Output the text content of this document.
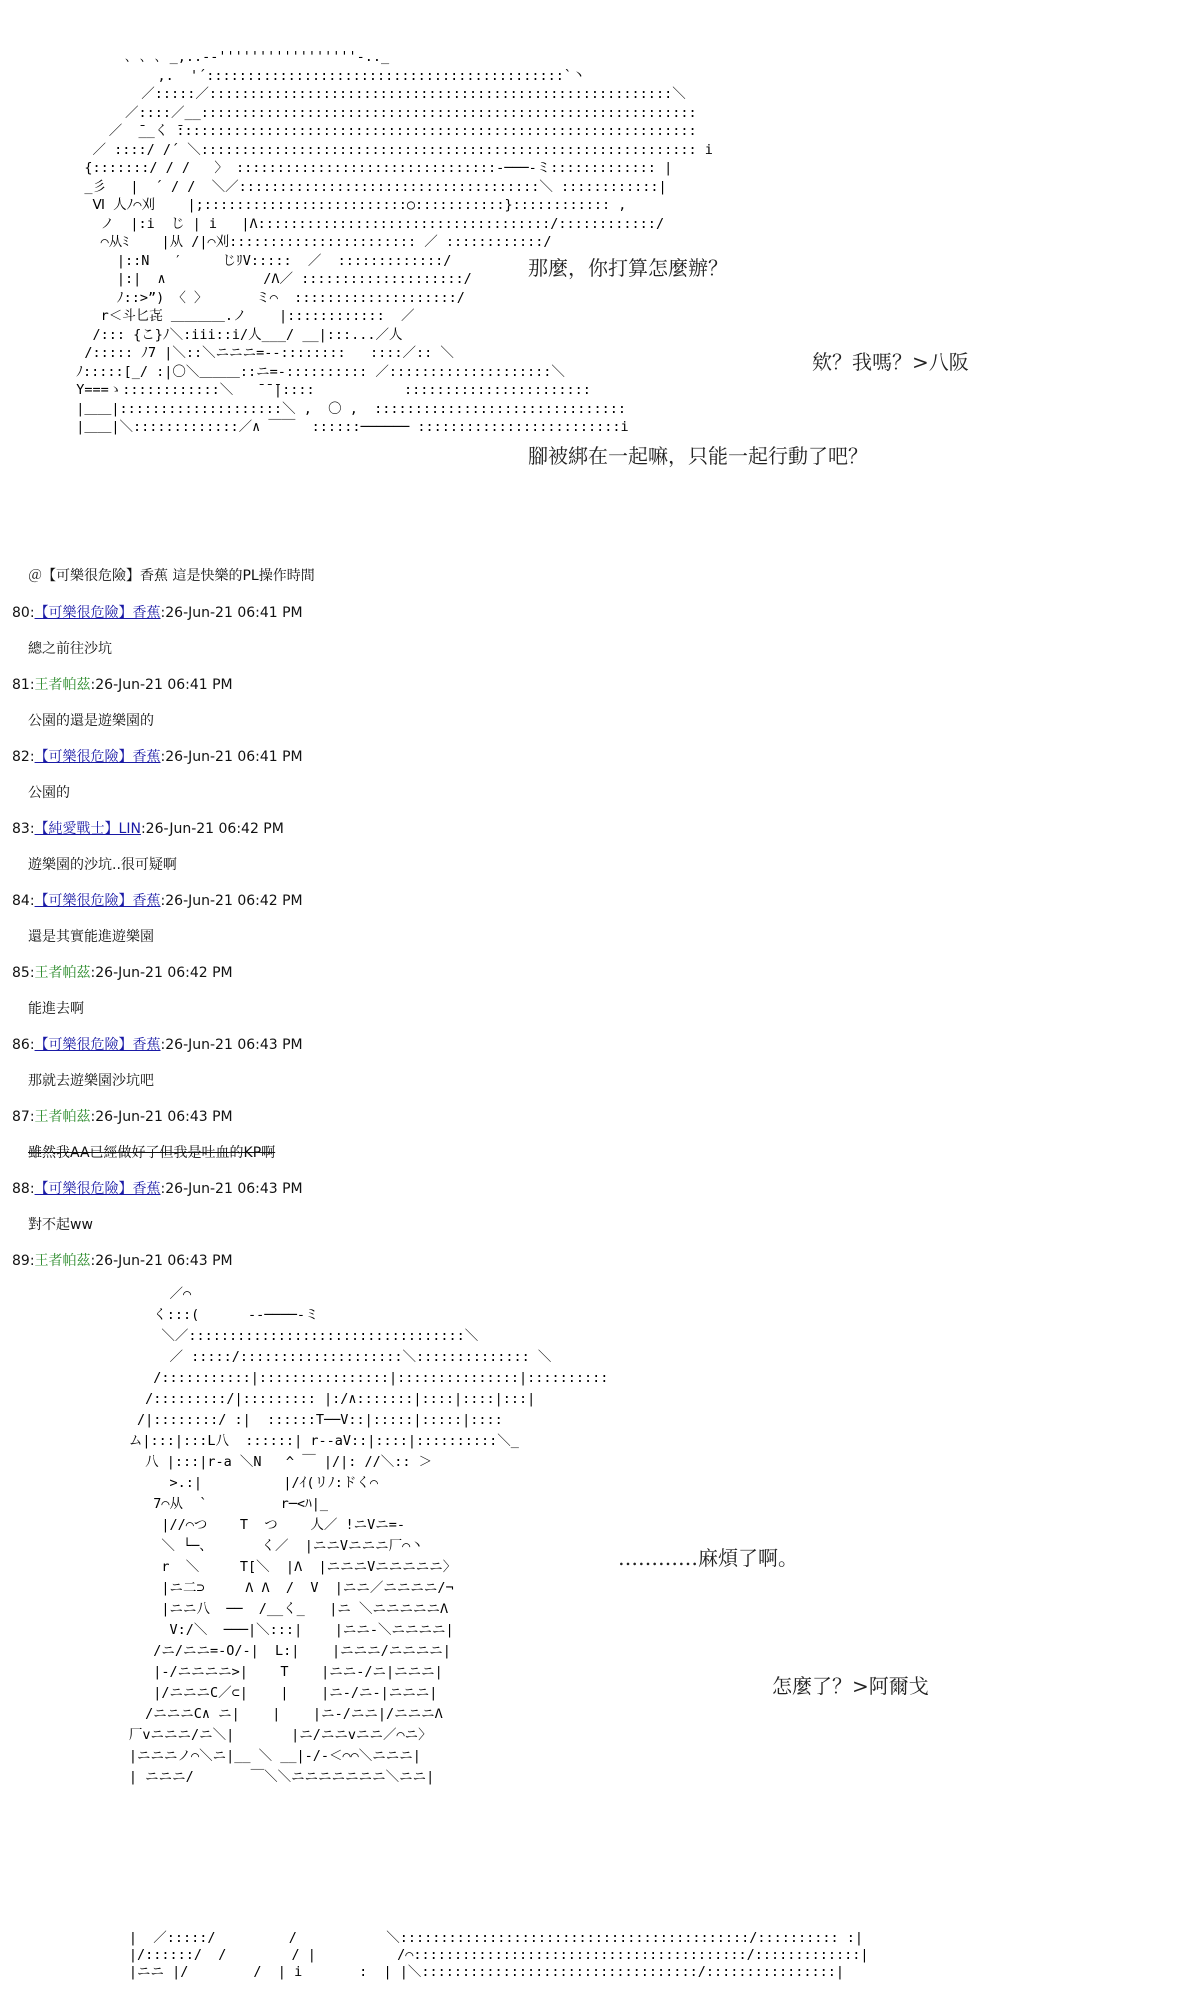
､ ､ ､ _,..-‐'''''''''''''''''-.._
,.  '´::::::::::::::::::::::::::::::::::::::::::::`丶
／:::::／:::::::::::::::::::::::::::::::::::::::::::::::::::::::::＼
／::::／__:::::::::::::::::::::::::::::::::::::::::::::::::::::::::::::
／  ̄__く ̄::::::::::::::::::::::::::::::::::::::::::::::::::::::::::::::::
／ ::::/ /´ ＼::::::::::::::::::::::::::::::::::::::::::::::::::::::::::::: i
{:::::::/ / /   〉 ::::::::::::::::::::::::::::::::‐───‐ミ::::::::::::: |
_彡   |  ´ / /  ＼／:::::::::::::::::::::::::::::::::::::＼ ::::::::::::|
Ⅵ 人ﾉ⌒刈    |;:::::::::::::::::::::::::○:::::::::::}:::::::::::: ,
ノ  |:i  じ | i   |Λ::::::::::::::::::::::::::::::::::::/::::::::::::/
⌒从ﾐ    |从 /|⌒刈::::::::::::::::::::::: ／ ::::::::::::/
|::N   ′     じﾘV:::::  ／  :::::::::::::/
|:|  ∧            /Λ／ ::::::::::::::::::::/
ﾉ::>”) 〈 〉      ミ⌒  ::::::::::::::::::::/
r＜斗匕㐂 ＿＿＿＿.ノ    |::::::::::::  ／
/::: {こ}ﾉ＼:iii::i/人___/ __|:::...／人
/::::: ﾉ7 |＼::＼ニニニ=-‐::::::::   ::::／:: ＼
ﾉ:::::[_/ :|〇＼＿＿＿::ニ=-:::::::::: ／::::::::::::::::::::＼
Y===ゝ::::::::::::＼   ̄ ̄ ̄|::::           :::::::::::::::::::::::
|＿＿|::::::::::::::::::::＼ ,  〇 ,  :::::::::::::::::::::::::::::::
|＿＿|＼:::::::::::::／∧ ￣￣  ::::::────── :::::::::::::::::::::::::i
那麼，你打算怎麼辦？
欸？我嗎？>八阪
腳被綁在一起嘛，只能一起行動了吧？
＠【可樂很危險】香蕉 這是快樂的PL操作時間
80:【可樂很危險】香蕉:26-Jun-21 06:41 PM
總之前往沙坑
81:王者帕茲:26-Jun-21 06:41 PM
公園的還是遊樂園的
82:【可樂很危險】香蕉:26-Jun-21 06:41 PM
公園的
83:【純愛戰士】LIN:26-Jun-21 06:42 PM
遊樂園的沙坑..很可疑啊
84:【可樂很危險】香蕉:26-Jun-21 06:42 PM
還是其實能進遊樂園
85:王者帕茲:26-Jun-21 06:42 PM
能進去啊
86:【可樂很危險】香蕉:26-Jun-21 06:43 PM
那就去遊樂園沙坑吧
87:王者帕茲:26-Jun-21 06:43 PM
雖然我AA已經做好了但我是吐血的KP啊
88:【可樂很危險】香蕉:26-Jun-21 06:43 PM
對不起ww
89:王者帕茲:26-Jun-21 06:43 PM
／⌒
く:::(      ‐‐────‐ミ
＼／::::::::::::::::::::::::::::::::::＼
／ :::::/::::::::::::::::::::＼:::::::::::::: ＼
/:::::::::::|::::::::::::::::|:::::::::::::::|::::::::::
/:::::::::/|::::::::: |:/∧:::::::|::::|::::|:::|
/|::::::::/ :|  ::::::T──V::|:::::|:::::|::::
ム|:::|:::L八  ::::::| r‐‐aV::|::::|::::::::::＼_
八 |:::|r‐a ＼N   ^ ￣ |/|: //＼:: ＞
>.:|          |/ｲ(リﾉ:ドく⌒
7⌒从  `         r─<ﾊ|_
|//⌒つ    T  つ    人／ !ニVニ=-
＼ └─、      く／  |ニニVニニニ厂⌒丶
r  ＼     T[＼  |Λ  |ニニニVニニニニニ〉
|ニ二⊃     Λ Λ  /  V  |ニニ／ニニニニ/¬
|ニニ八  ──  /__く_   |ニ ＼ニニニニニΛ
V:/＼  ───|＼:::|    |ニニ-＼ニニニニ|
/ニ/ニニ=-O/-|  L:|    |ニニニ/ニニニニ|
|-/ニニニニ>|    T    |ニニ-/ニ|ニニニ|
|/ニニニC／⊂|    |    |ニ-/ニ-|ニニニ|
/ニニニC∧ ニ|    |    |ニ-/ニニ|/ニニニΛ
厂vニニニ/ニ＼|       |ニ/ニニvニニ／⌒ニ〉
|ニニニノ⌒＼ニ|__ ＼ __|-/-＜⌒⌒＼ニニニ|
| ニニニ/       ￣＼＼ニニニニニニニ＼ニニ|
|  ／:::::/         /           ＼:::::::::::::::::::::::::::::::::::::::::::/:::::::::: :|
|/::::::/  /        / |          /⌒:::::::::::::::::::::::::::::::::::::::::/:::::::::::::|
|ニニ |/        /  | i       :  | |＼::::::::::::::::::::::::::::::::::/::::::::::::::::|
…………麻煩了啊。
怎麼了？>阿爾戈
